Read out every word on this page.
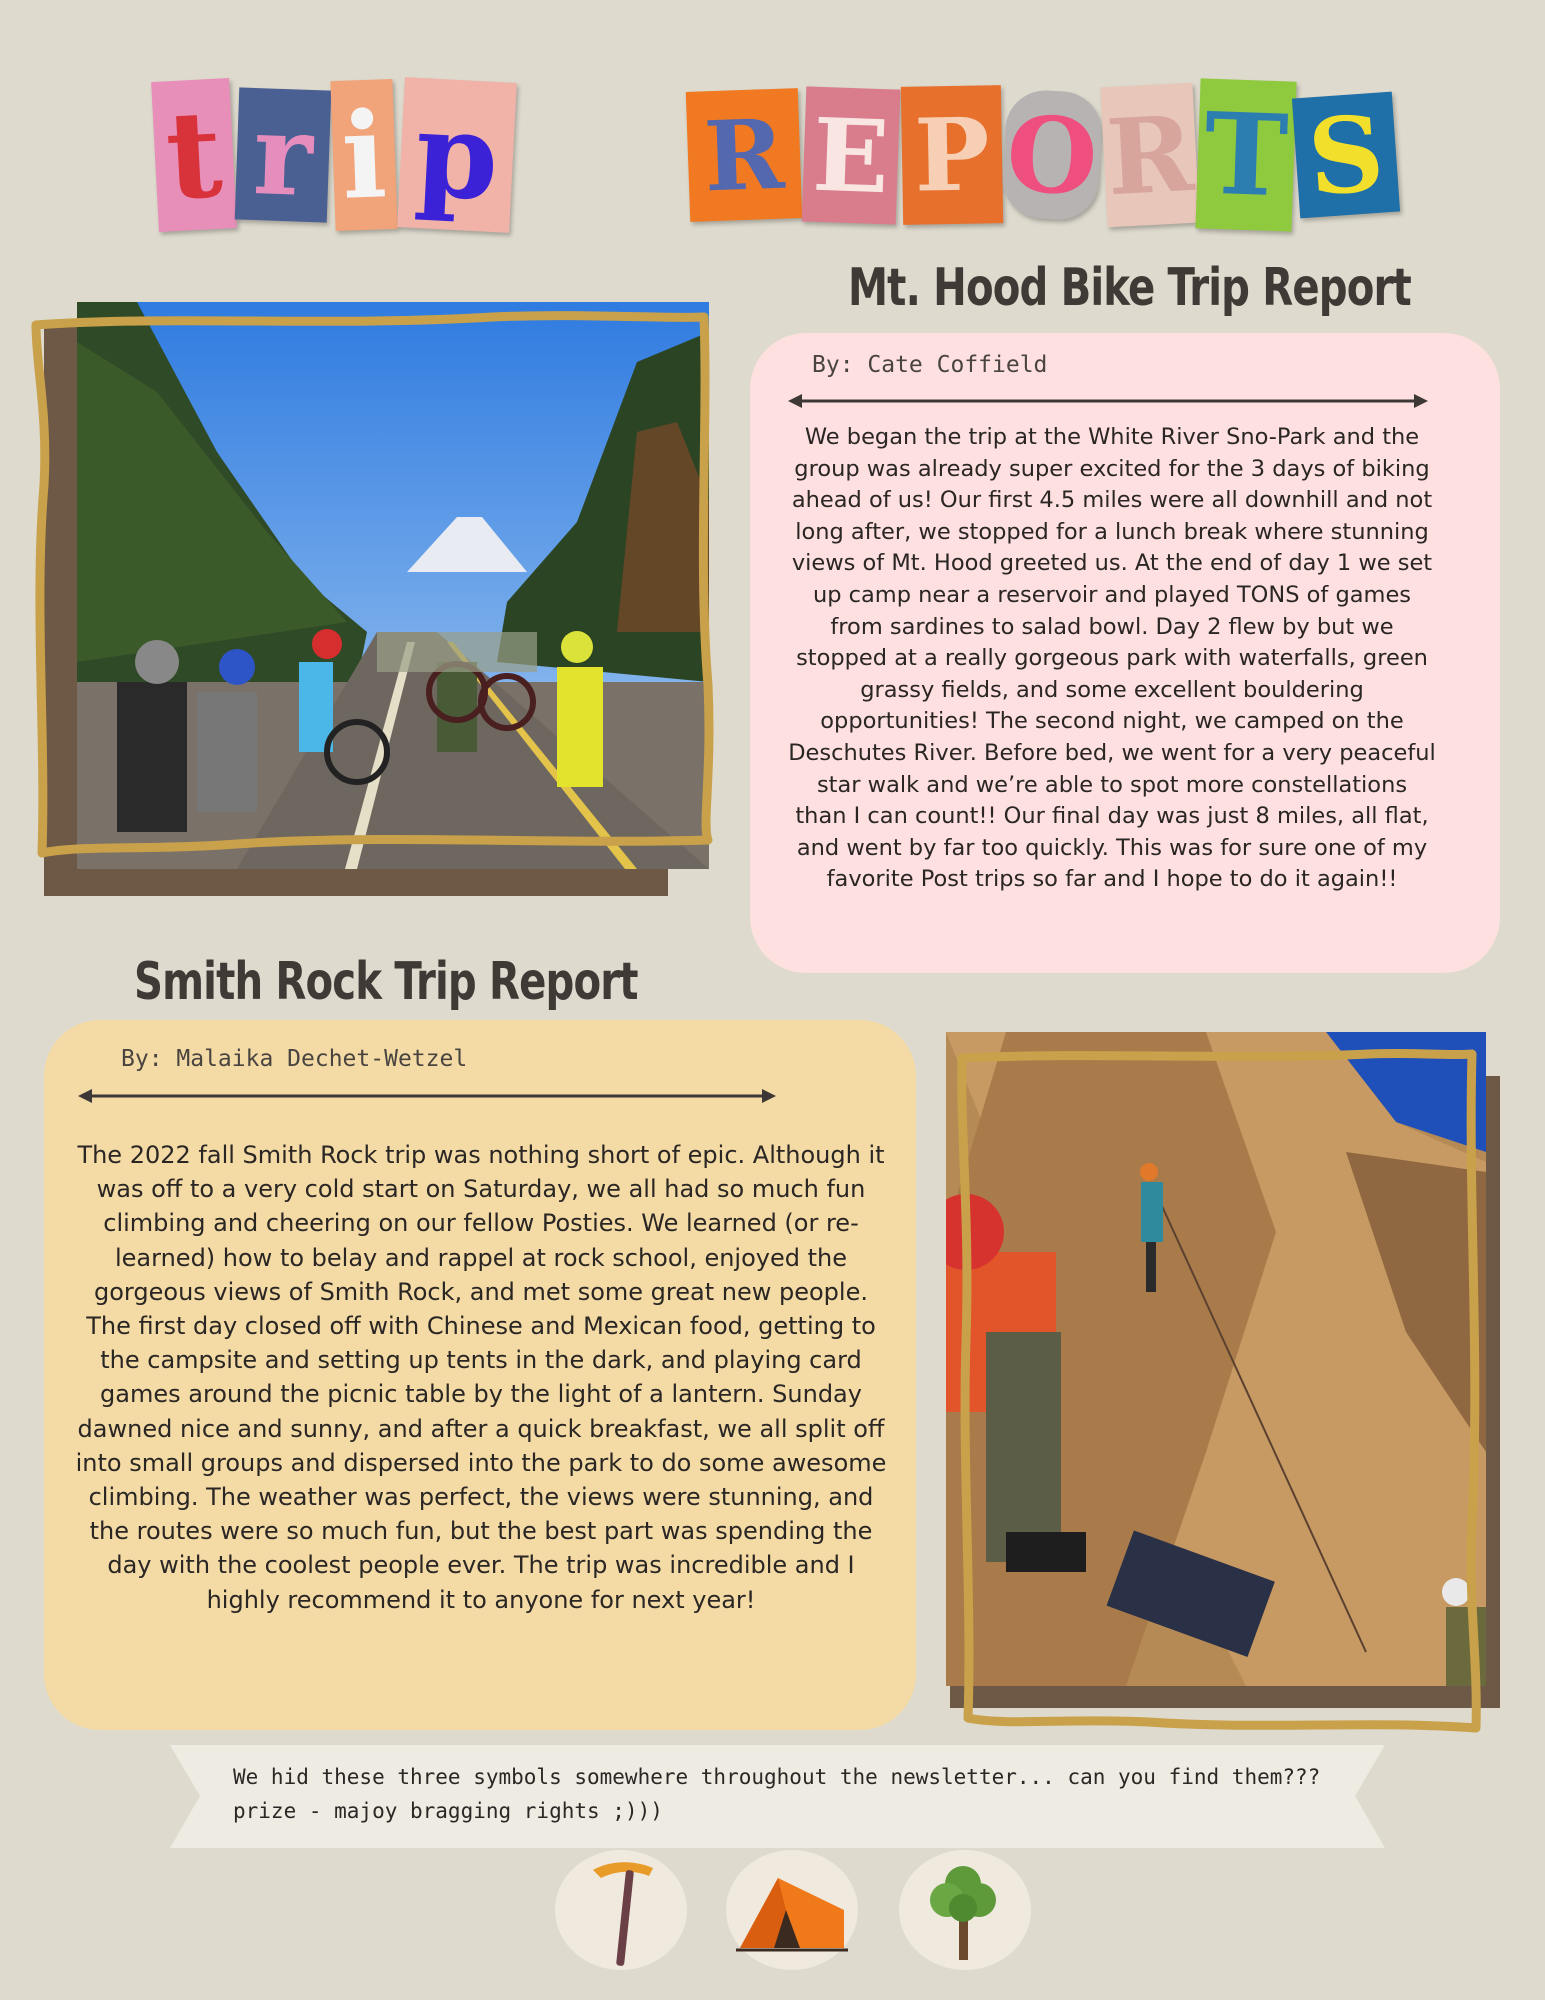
t r i p R E P O R T S
Mt. Hood Bike Trip Report
By: Cate Coffield
We began the trip at the White River Sno-Park and the group was already super excited for the 3 days of biking ahead of us! Our first 4.5 miles were all downhill and not long after, we stopped for a lunch break where stunning views of Mt. Hood greeted us. At the end of day 1 we set up camp near a reservoir and played TONS of games from sardines to salad bowl. Day 2 flew by but we stopped at a really gorgeous park with waterfalls, green grassy fields, and some excellent bouldering opportunities! The second night, we camped on the Deschutes River. Before bed, we went for a very peaceful star walk and we’re able to spot more constellations than I can count!! Our final day was just 8 miles, all flat, and went by far too quickly. This was for sure one of my favorite Post trips so far and I hope to do it again!!
Smith Rock Trip Report
By: Malaika Dechet-Wetzel
The 2022 fall Smith Rock trip was nothing short of epic. Although it was off to a very cold start on Saturday, we all had so much fun climbing and cheering on our fellow Posties. We learned (or re-learned) how to belay and rappel at rock school, enjoyed the gorgeous views of Smith Rock, and met some great new people. The first day closed off with Chinese and Mexican food, getting to the campsite and setting up tents in the dark, and playing card games around the picnic table by the light of a lantern. Sunday dawned nice and sunny, and after a quick breakfast, we all split off into small groups and dispersed into the park to do some awesome climbing. The weather was perfect, the views were stunning, and the routes were so much fun, but the best part was spending the day with the coolest people ever. The trip was incredible and I highly recommend it to anyone for next year!
We hid these three symbols somewhere throughout the newsletter... can you find them???
prize - majoy bragging rights ;)))
